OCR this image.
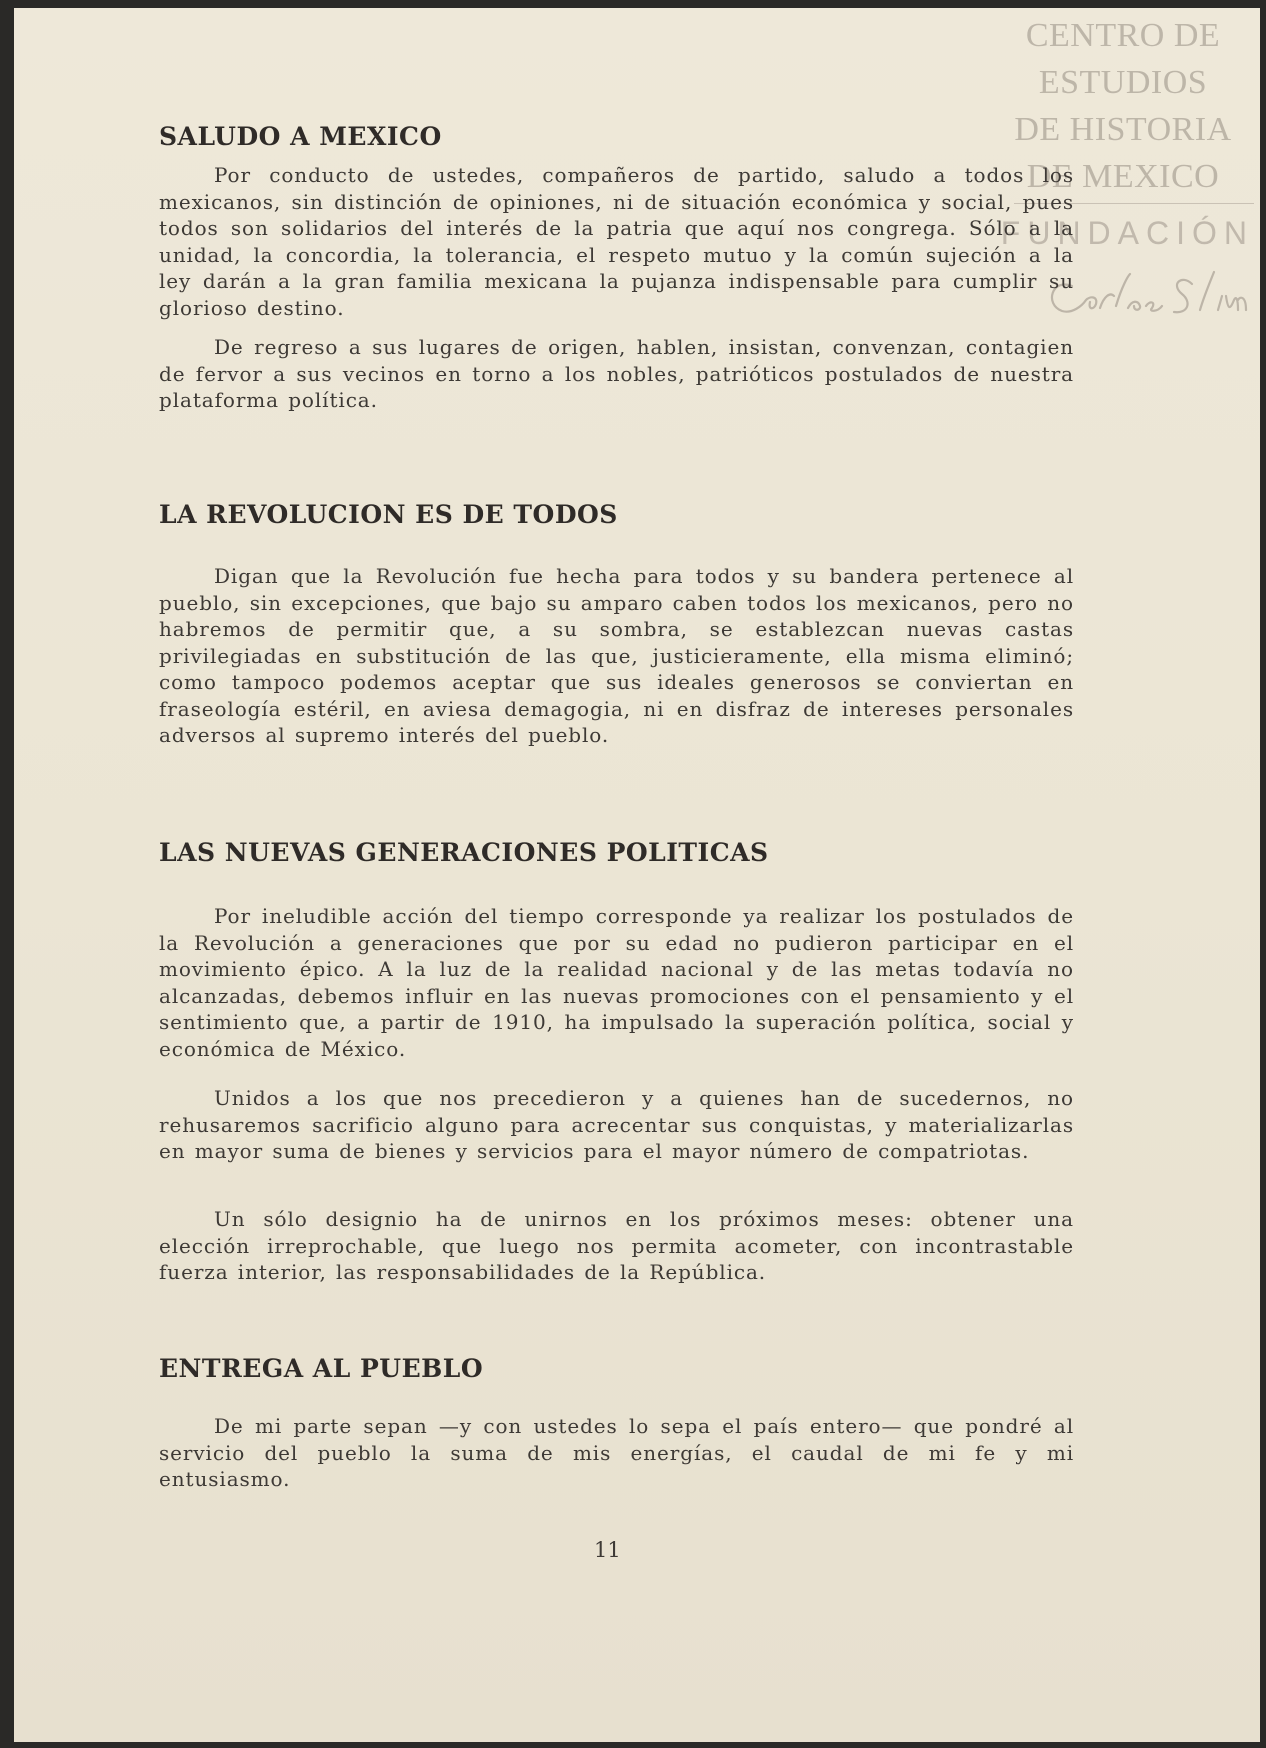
CENTRO DE
ESTUDIOS
DE HISTORIA
DE MEXICO
FUNDACIÓN
SALUDO A MEXICO

Por conducto de ustedes, compañeros de partido, saludo a todos los mexicanos, sin distinción de opiniones, ni de situación económica y social, pues todos son solidarios del interés de la patria que aquí nos congrega. Sólo a la unidad, la concordia, la tolerancia, el respeto mutuo y la común sujeción a la ley darán a la gran familia mexicana la pujanza indispensable para cumplir su glorioso destino.

De regreso a sus lugares de origen, hablen, insistan, convenzan, contagien de fervor a sus vecinos en torno a los nobles, patrióticos postulados de nuestra plataforma política.

LA REVOLUCION ES DE TODOS

Digan que la Revolución fue hecha para todos y su bandera pertenece al pueblo, sin excepciones, que bajo su amparo caben todos los mexicanos, pero no habremos de permitir que, a su sombra, se establezcan nuevas castas privilegiadas en substitución de las que, justicieramente, ella misma eliminó; como tampoco podemos aceptar que sus ideales generosos se conviertan en fraseología estéril, en aviesa demagogia, ni en disfraz de intereses personales adversos al supremo interés del pueblo.

LAS NUEVAS GENERACIONES POLITICAS

Por ineludible acción del tiempo corresponde ya realizar los postulados de la Revolución a generaciones que por su edad no pudieron participar en el movimiento épico. A la luz de la realidad nacional y de las metas todavía no alcanzadas, debemos influir en las nuevas promociones con el pensamiento y el sentimiento que, a partir de 1910, ha impulsado la superación política, social y económica de México.

Unidos a los que nos precedieron y a quienes han de sucedernos, no rehusaremos sacrificio alguno para acrecentar sus conquistas, y materializarlas en mayor suma de bienes y servicios para el mayor número de compatriotas.

Un sólo designio ha de unirnos en los próximos meses: obtener una elección irreprochable, que luego nos permita acometer, con incontrastable fuerza interior, las responsabilidades de la República.

ENTREGA AL PUEBLO

De mi parte sepan —y con ustedes lo sepa el país entero— que pondré al servicio del pueblo la suma de mis energías, el caudal de mi fe y mi entusiasmo.

11
